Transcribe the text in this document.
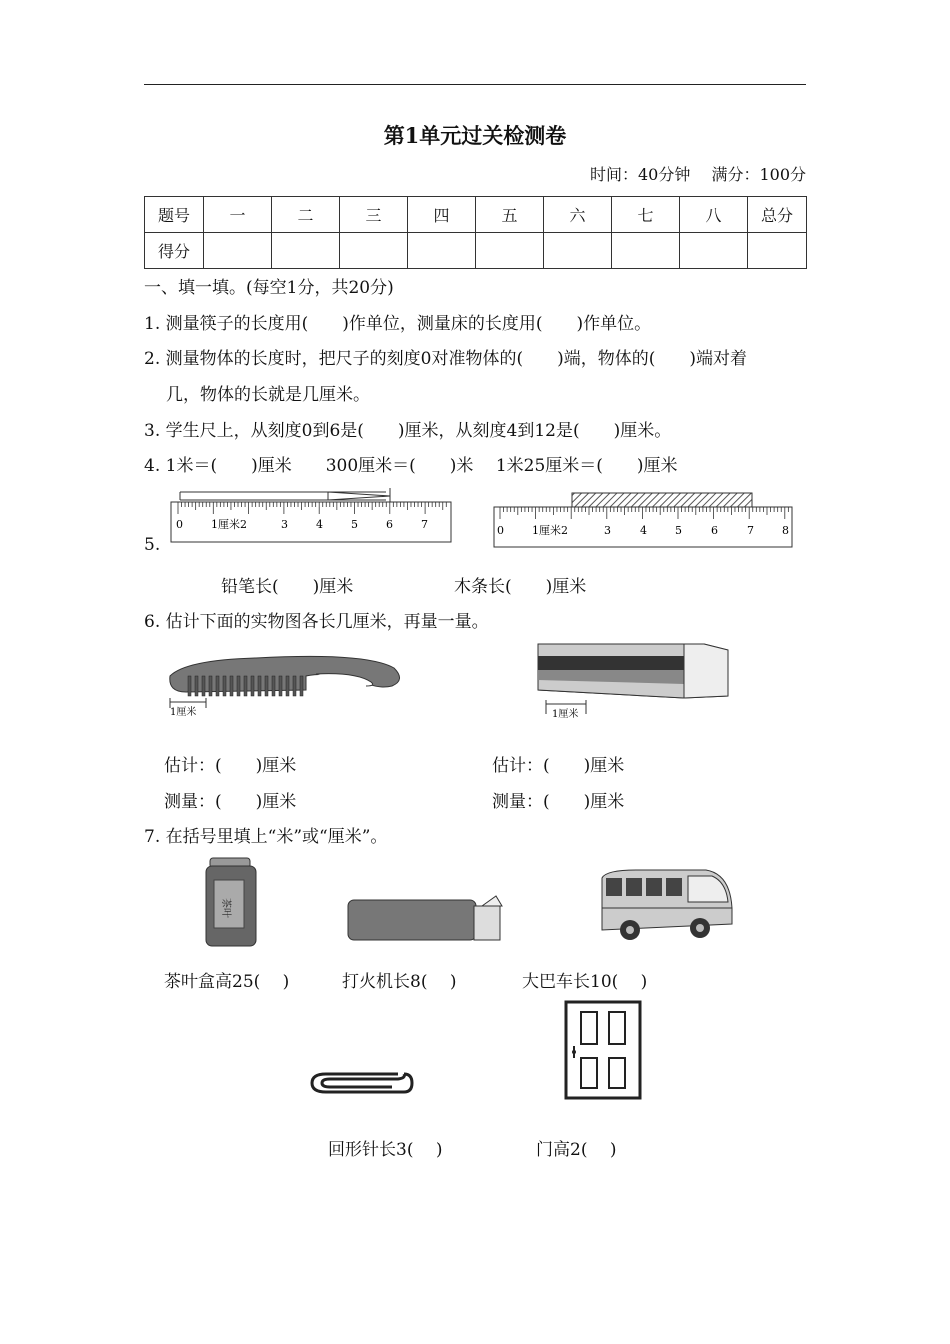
第1单元过关检测卷
时间：40分钟　 满分：100分
题号	一	二	三	四	五	六	七	八	总分
得分									
一、填一填。(每空1分，共20分)
1. 测量筷子的长度用(　　)作单位，测量床的长度用(　　)作单位。
2. 测量物体的长度时，把尺子的刻度0对准物体的(　　)端，物体的(　　)端对着
几，物体的长就是几厘米。
3. 学生尺上，从刻度0到6是(　　)厘米，从刻度4到12是(　　)厘米。
4. 1米＝(　　)厘米　　300厘米＝(　　)米　 1米25厘米＝(　　)厘米
5.
0	1厘米2	3	4	5	6	7	0	1厘米2	3	4	5	6	7	8
铅笔长(　　)厘米	木条长(　　)厘米
6. 估计下面的实物图各长几厘米，再量一量。
1厘米	1厘米
估计：(　　)厘米
测量：(　　)厘米
估计：(　　)厘米
测量：(　　)厘米
7. 在括号里填上“米”或“厘米”。
茶叶
茶叶盒高25(　 )	打火机长8(　 )	大巴车长10(　 )
回形针长3(　 )	门高2(　 )
